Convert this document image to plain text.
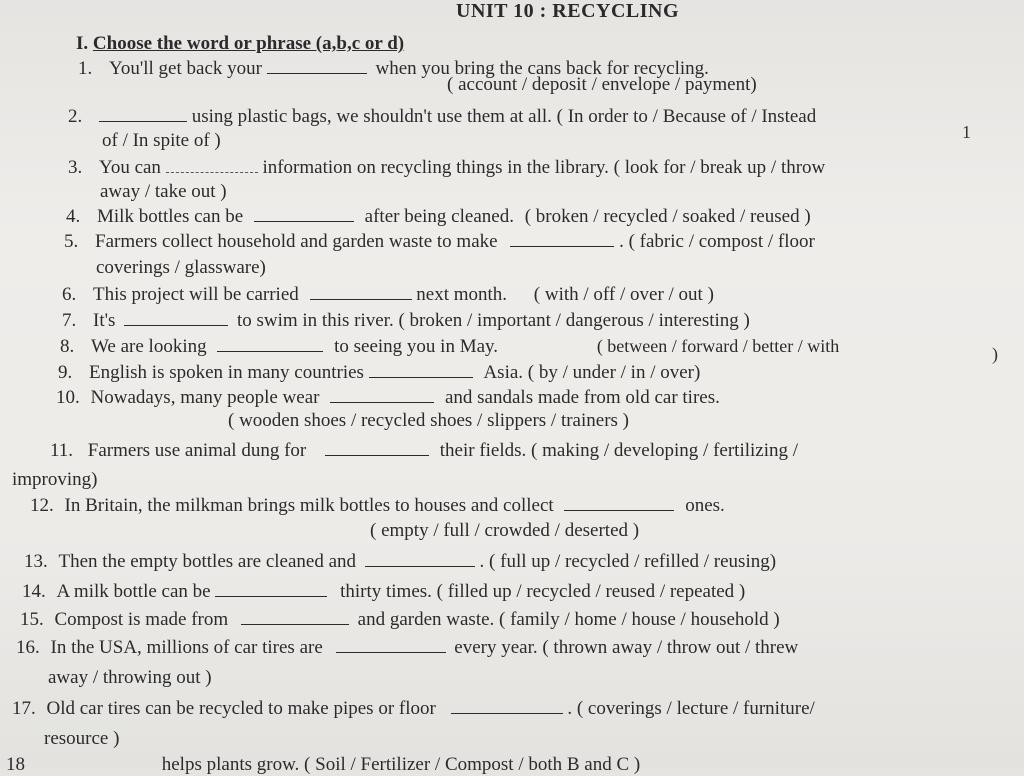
UNIT 10 : RECYCLING
I. Choose the word or phrase (a,b,c or d)
1. You'll get back your	when you bring the cans back for recycling.
( account / deposit / envelope / payment)
2.	using plastic bags, we shouldn't use them at all. ( In order to / Because of / Instead
of / In spite of )
3. You can	information on recycling things in the library. ( look for / break up / throw
away / take out )
4. Milk bottles can be	after being cleaned. ( broken / recycled / soaked / reused )
5. Farmers collect household and garden waste to make	. ( fabric / compost / floor
coverings / glassware)
6. This project will be carried	next month. ( with / off / over / out )
7. It's	to swim in this river. ( broken / important / dangerous / interesting )
8. We are looking	to seeing you in May.	( between / forward / better / with
9. English is spoken in many countries	Asia. ( by / under / in / over)
10. Nowadays, many people wear	and sandals made from old car tires.
( wooden shoes / recycled shoes / slippers / trainers )
11. Farmers use animal dung for	their fields. ( making / developing / fertilizing /
improving)
12. In Britain, the milkman brings milk bottles to houses and collect	ones.
( empty / full / crowded / deserted )
13. Then the empty bottles are cleaned and	. ( full up / recycled / refilled / reusing)
14. A milk bottle can be	thirty times. ( filled up / recycled / reused / repeated )
15. Compost is made from	and garden waste. ( family / home / house / household )
16. In the USA, millions of car tires are	every year. ( thrown away / throw out / threw
away / throwing out )
17. Old car tires can be recycled to make pipes or floor	. ( coverings / lecture / furniture/
resource )
18	helps plants grow. ( Soil / Fertilizer / Compost / both B and C )
1
)
